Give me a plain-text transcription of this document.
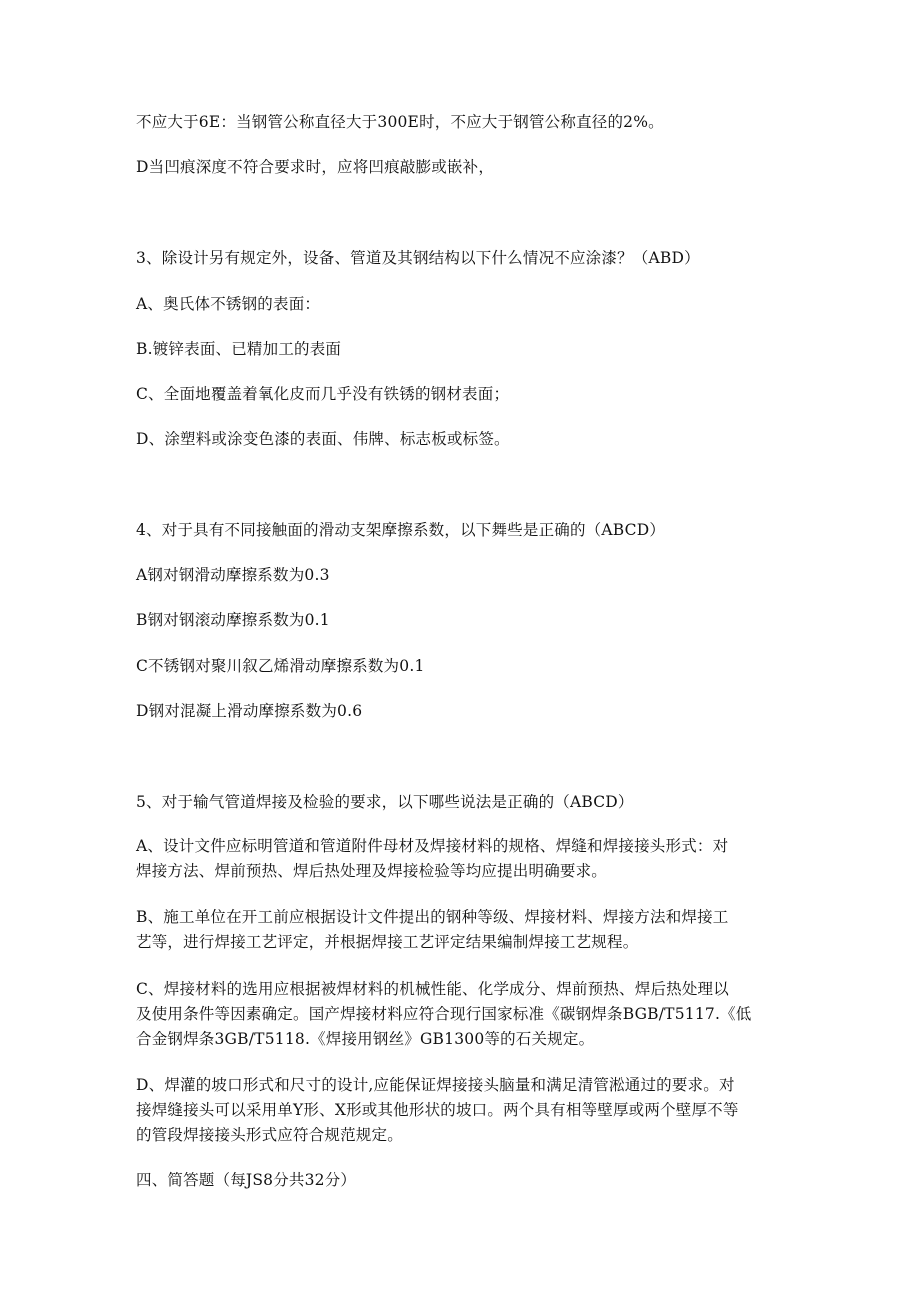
不应大于6E：当钢管公称直径大于300E时，不应大于钢管公称直径的2%。
D当凹痕深度不符合要求时，应将凹痕敲膨或嵌补，
3、除设计另有规定外，设备、管道及其钢结构以下什么情况不应涂漆？（ABD）
A、奥氏体不锈钢的表面：
B.镀锌表面、已精加工的表面
C、全面地覆盖着氧化皮而几乎没有铁锈的钢材表面；
D、涂塑料或涂变色漆的表面、伟牌、标志板或标签。
4、对于具有不同接触面的滑动支架摩擦系数，以下舞些是正确的（ABCD）
A钢对钢滑动摩擦系数为0.3
B钢对钢滚动摩擦系数为0.1
C不锈钢对聚川叙乙烯滑动摩擦系数为0.1
D钢对混凝上滑动摩擦系数为0.6
5、对于输气管道焊接及检验的要求，以下哪些说法是正确的（ABCD）
A、设计文件应标明管道和管道附件母材及焊接材料的规格、焊缝和焊接接头形式：对
焊接方法、焊前预热、焊后热处理及焊接检验等均应提出明确要求。
B、施工单位在开工前应根据设计文件提出的钢种等级、焊接材料、焊接方法和焊接工
艺等，进行焊接工艺评定，并根据焊接工艺评定结果编制焊接工艺规程。
C、焊接材料的选用应根据被焊材料的机械性能、化学成分、焊前预热、焊后热处理以
及使用条件等因素确定。国产焊接材料应符合现行国家标准《碳钢焊条BGB/T5117.《低
合金钢焊条3GB/T5118.《焊接用钢丝》GB1300等的石关规定。
D、焊灌的坡口形式和尺寸的设计,应能保证焊接接头脑量和满足清管淞通过的要求。对
接焊缝接头可以采用单Y形、X形或其他形状的坡口。两个具有相等壁厚或两个壁厚不等
的管段焊接接头形式应符合规范规定。
四、简答题（每JS8分共32分）
